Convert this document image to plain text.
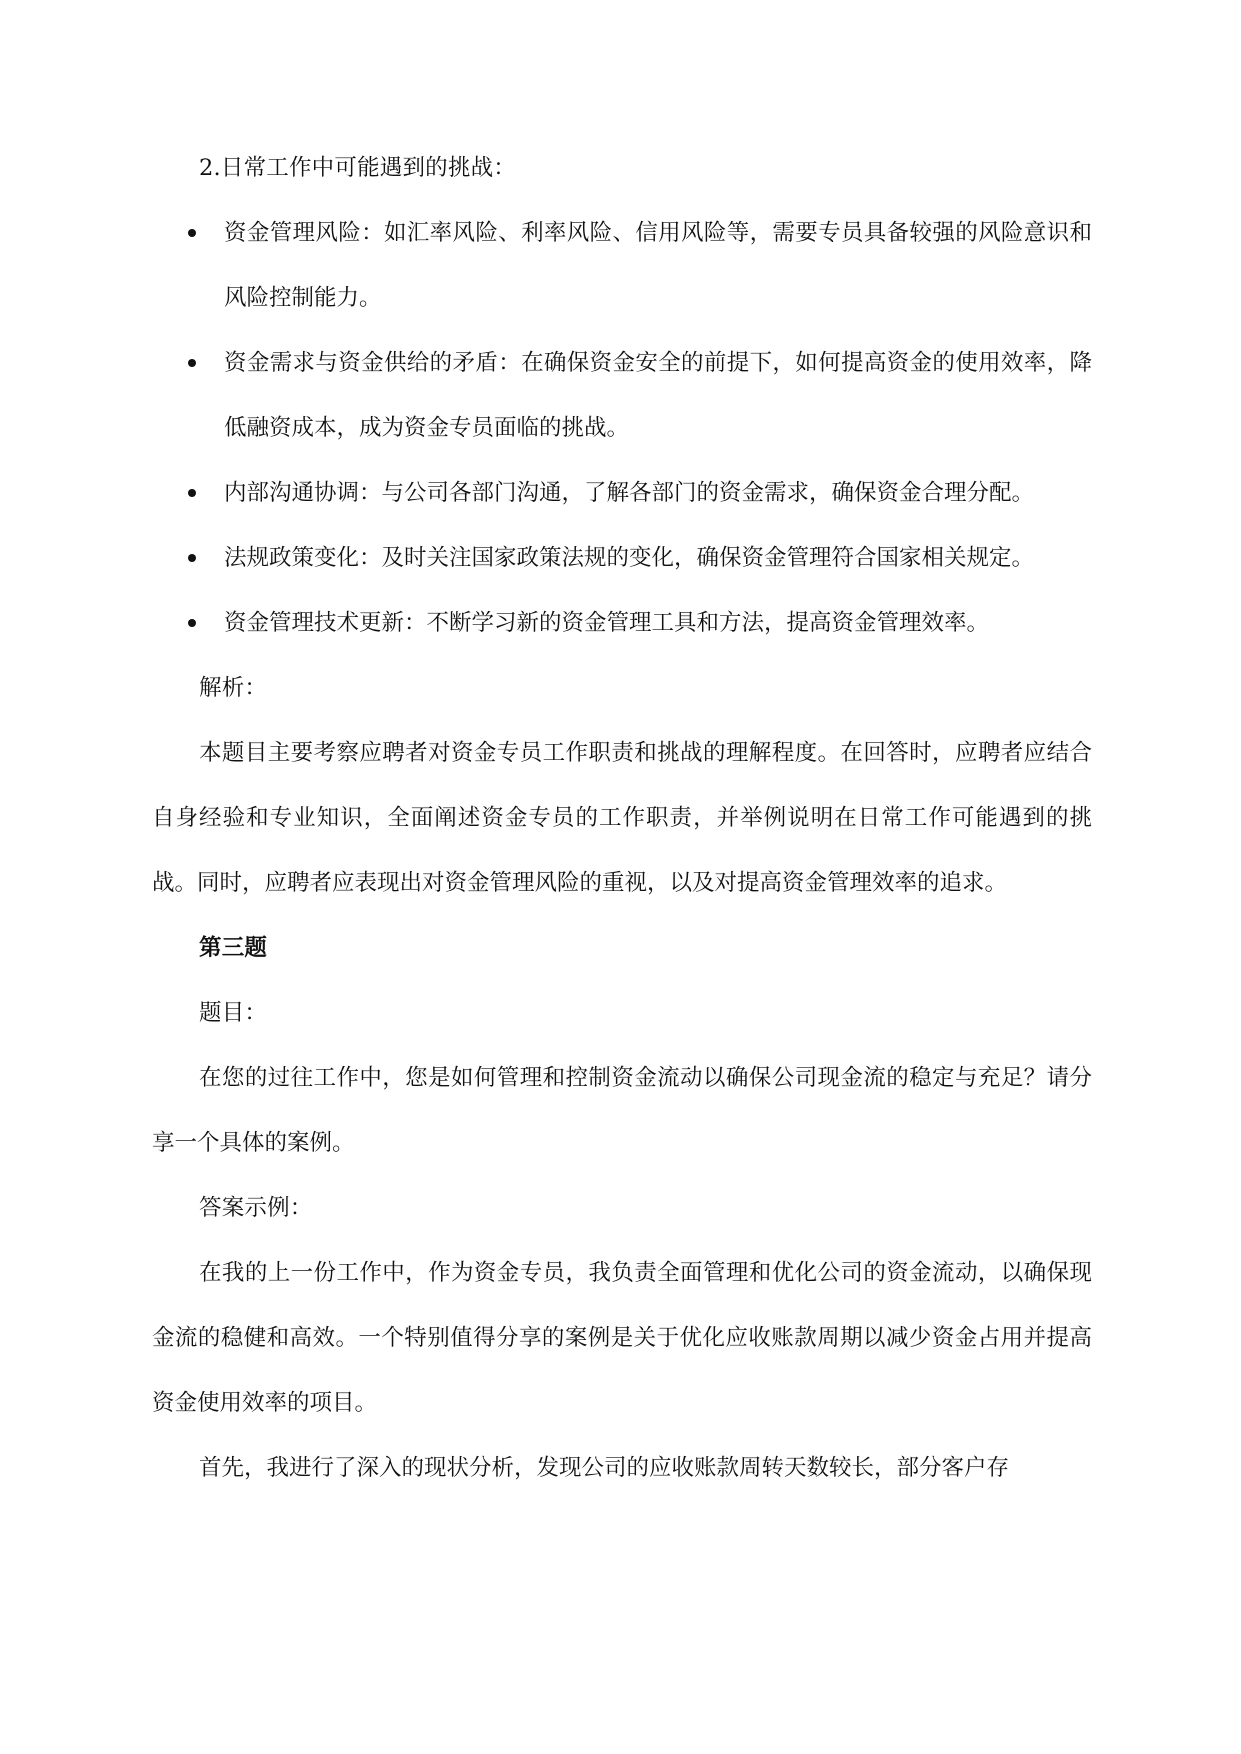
2.日常工作中可能遇到的挑战：

资金管理风险：如汇率风险、利率风险、信用风险等，需要专员具备较强的风险意识和风险控制能力。
资金需求与资金供给的矛盾：在确保资金安全的前提下，如何提高资金的使用效率，降低融资成本，成为资金专员面临的挑战。
内部沟通协调：与公司各部门沟通，了解各部门的资金需求，确保资金合理分配。
法规政策变化：及时关注国家政策法规的变化，确保资金管理符合国家相关规定。
资金管理技术更新：不断学习新的资金管理工具和方法，提高资金管理效率。

解析：

本题目主要考察应聘者对资金专员工作职责和挑战的理解程度。在回答时，应聘者应结合自身经验和专业知识，全面阐述资金专员的工作职责，并举例说明在日常工作可能遇到的挑战。同时，应聘者应表现出对资金管理风险的重视，以及对提高资金管理效率的追求。

第三题

题目：

在您的过往工作中，您是如何管理和控制资金流动以确保公司现金流的稳定与充足？请分享一个具体的案例。

答案示例：

在我的上一份工作中，作为资金专员，我负责全面管理和优化公司的资金流动，以确保现金流的稳健和高效。一个特别值得分享的案例是关于优化应收账款周期以减少资金占用并提高资金使用效率的项目。

首先，我进行了深入的现状分析，发现公司的应收账款周转天数较长，部分客户存
